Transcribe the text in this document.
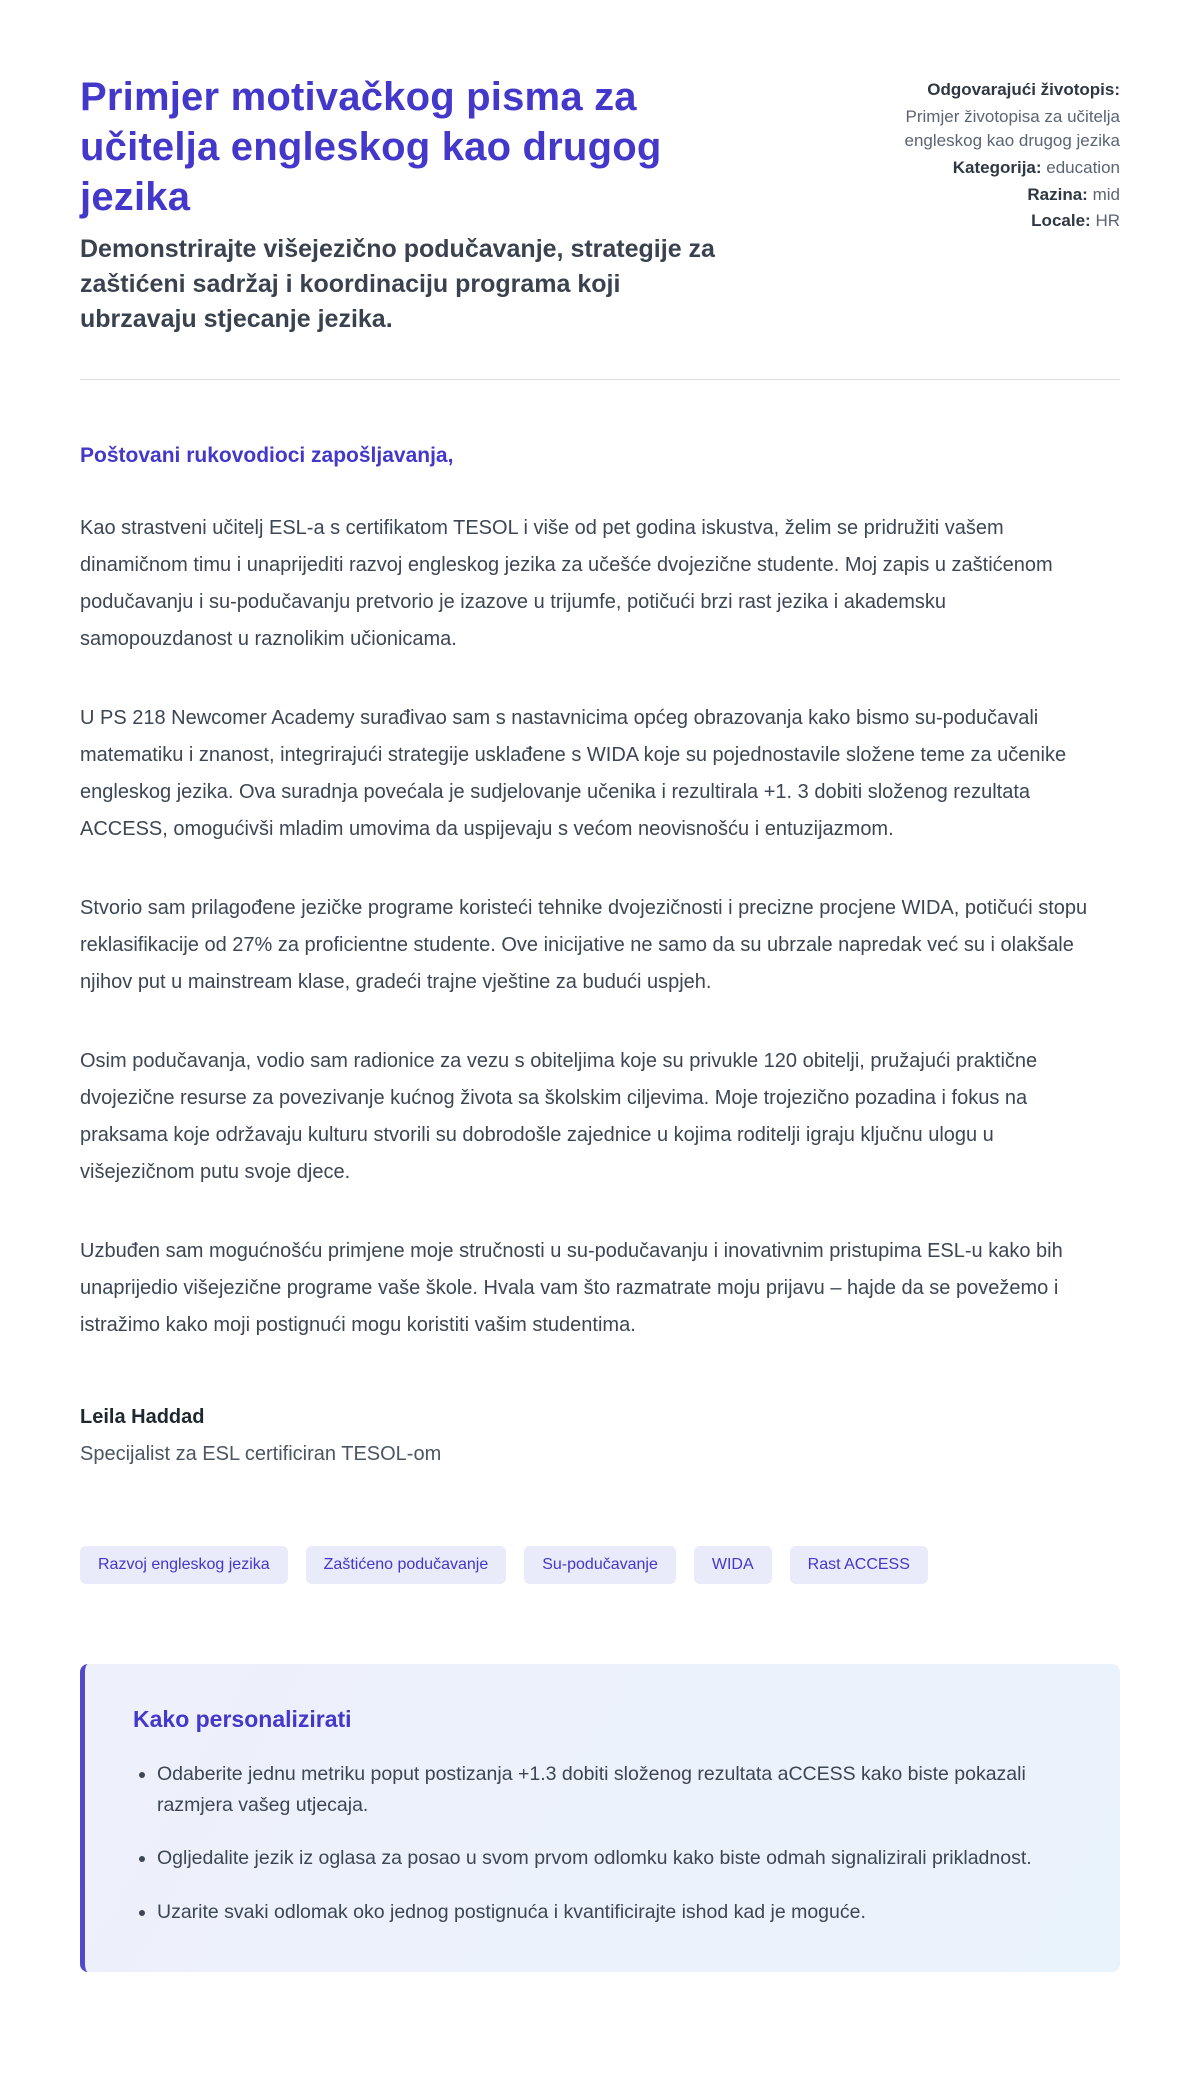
Primjer motivačkog pisma za učitelja engleskog kao drugog jezika
Demonstrirajte višejezično podučavanje, strategije za zaštićeni sadržaj i koordinaciju programa koji ubrzavaju stjecanje jezika.
Odgovarajući životopis:
Primjer životopisa za učitelja engleskog kao drugog jezika
Kategorija: education
Razina: mid
Locale: HR
Poštovani rukovodioci zapošljavanja,

Kao strastveni učitelj ESL-a s certifikatom TESOL i više od pet godina iskustva, želim se pridružiti vašem dinamičnom timu i unaprijediti razvoj engleskog jezika za učešće dvojezične studente. Moj zapis u zaštićenom podučavanju i su-podučavanju pretvorio je izazove u trijumfe, potičući brzi rast jezika i akademsku samopouzdanost u raznolikim učionicama.

U PS 218 Newcomer Academy surađivao sam s nastavnicima općeg obrazovanja kako bismo su-podučavali matematiku i znanost, integrirajući strategije usklađene s WIDA koje su pojednostavile složene teme za učenike engleskog jezika. Ova suradnja povećala je sudjelovanje učenika i rezultirala +1. 3 dobiti složenog rezultata ACCESS, omogućivši mladim umovima da uspijevaju s većom neovisnošću i entuzijazmom.

Stvorio sam prilagođene jezičke programe koristeći tehnike dvojezičnosti i precizne procjene WIDA, potičući stopu reklasifikacije od 27% za proficientne studente. Ove inicijative ne samo da su ubrzale napredak već su i olakšale njihov put u mainstream klase, gradeći trajne vještine za budući uspjeh.

Osim podučavanja, vodio sam radionice za vezu s obiteljima koje su privukle 120 obitelji, pružajući praktične dvojezične resurse za povezivanje kućnog života sa školskim ciljevima. Moje trojezično pozadina i fokus na praksama koje održavaju kulturu stvorili su dobrodošle zajednice u kojima roditelji igraju ključnu ulogu u višejezičnom putu svoje djece.

Uzbuđen sam mogućnošću primjene moje stručnosti u su-podučavanju i inovativnim pristupima ESL-u kako bih unaprijedio višejezične programe vaše škole. Hvala vam što razmatrate moju prijavu – hajde da se povežemo i istražimo kako moji postignući mogu koristiti vašim studentima.

Leila Haddad
Specijalist za ESL certificiran TESOL-om
Razvoj engleskog jezika	Zaštićeno podučavanje	Su-podučavanje	WIDA	Rast ACCESS
Kako personalizirati
• Odaberite jednu metriku poput postizanja +1.3 dobiti složenog rezultata aCCESS kako biste pokazali razmjera vašeg utjecaja.
• Ogljedalite jezik iz oglasa za posao u svom prvom odlomku kako biste odmah signalizirali prikladnost.
• Uzarite svaki odlomak oko jednog postignuća i kvantificirajte ishod kad je moguće.
